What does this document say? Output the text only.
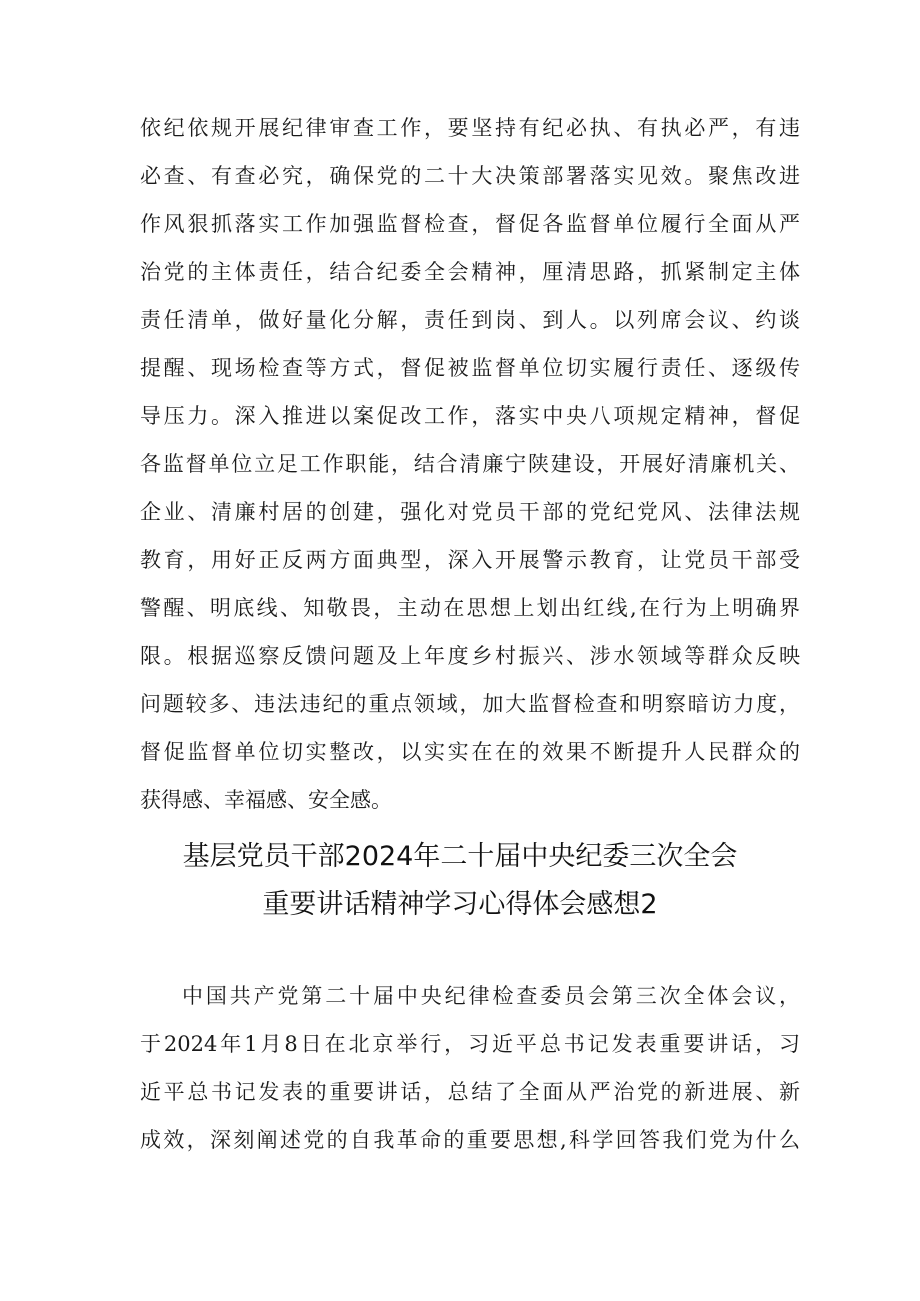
依纪依规开展纪律审查工作，要坚持有纪必执、有执必严，有违
必查、有查必究，确保党的二十大决策部署落实见效。聚焦改进
作风狠抓落实工作加强监督检查，督促各监督单位履行全面从严
治党的主体责任，结合纪委全会精神，厘清思路，抓紧制定主体
责任清单，做好量化分解，责任到岗、到人。以列席会议、约谈
提醒、现场检查等方式，督促被监督单位切实履行责任、逐级传
导压力。深入推进以案促改工作，落实中央八项规定精神，督促
各监督单位立足工作职能，结合清廉宁陕建设，开展好清廉机关、
企业、清廉村居的创建，强化对党员干部的党纪党风、法律法规
教育，用好正反两方面典型，深入开展警示教育，让党员干部受
警醒、明底线、知敬畏，主动在思想上划出红线,在行为上明确界
限。根据巡察反馈问题及上年度乡村振兴、涉水领域等群众反映
问题较多、违法违纪的重点领域，加大监督检查和明察暗访力度，
督促监督单位切实整改，以实实在在的效果不断提升人民群众的
获得感、幸福感、安全感。
基层党员干部2024年二十届中央纪委三次全会
重要讲话精神学习心得体会感想2
中国共产党第二十届中央纪律检查委员会第三次全体会议，
于2024年1月8日在北京举行，习近平总书记发表重要讲话，习
近平总书记发表的重要讲话，总结了全面从严治党的新进展、新
成效，深刻阐述党的自我革命的重要思想,科学回答我们党为什么
